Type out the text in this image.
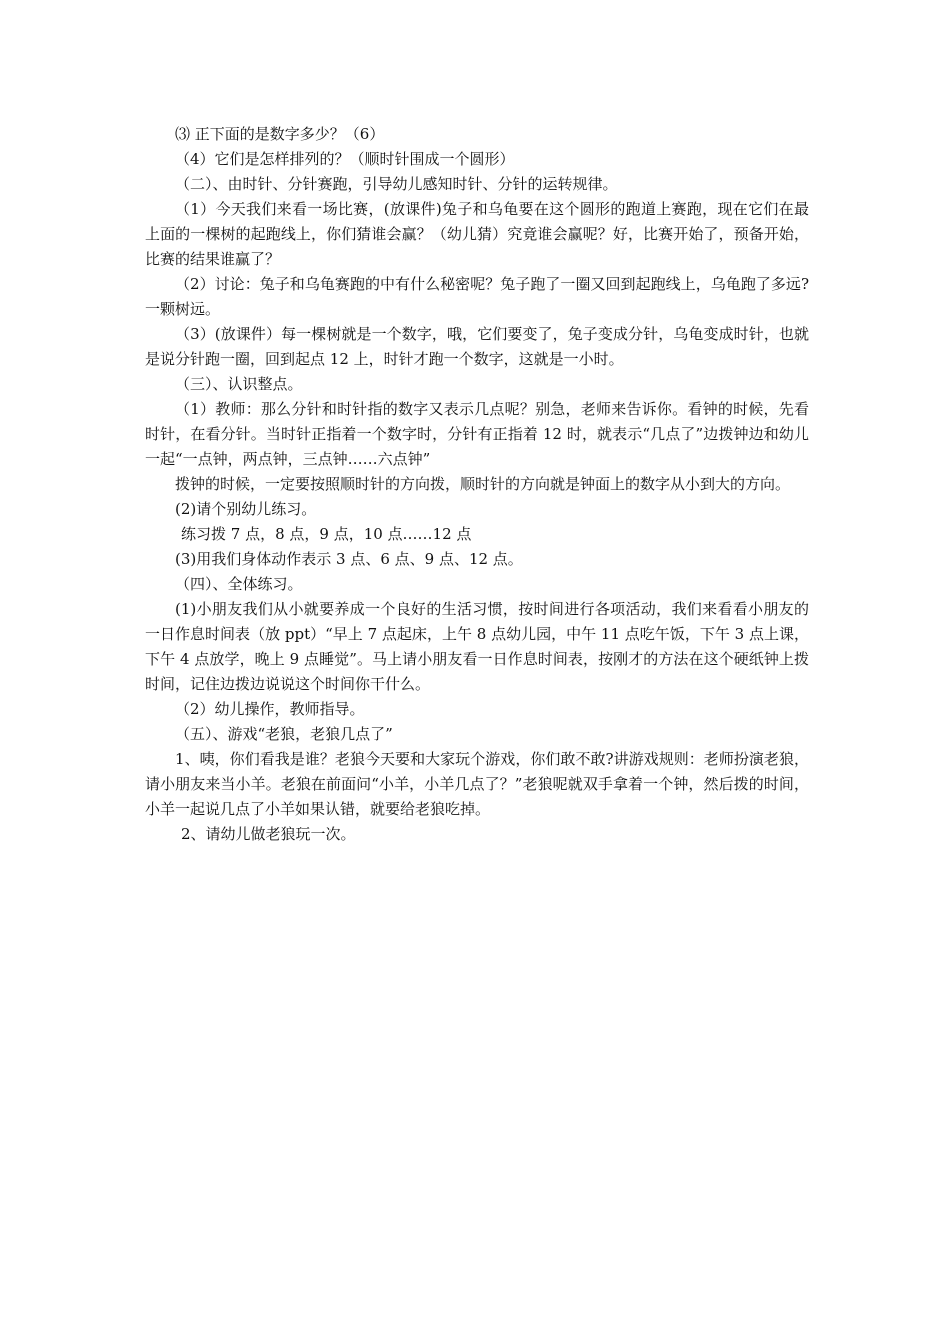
⑶ 正下面的是数字多少？（6）

（4）它们是怎样排列的？（顺时针围成一个圆形）

（二）、由时针、分针赛跑，引导幼儿感知时针、分针的运转规律。

（1）今天我们来看一场比赛，(放课件)兔子和乌龟要在这个圆形的跑道上赛跑，现在它们在最上面的一棵树的起跑线上，你们猜谁会赢？（幼儿猜）究竟谁会赢呢？好，比赛开始了，预备开始，比赛的结果谁赢了？

（2）讨论：兔子和乌龟赛跑的中有什么秘密呢？兔子跑了一圈又回到起跑线上，乌龟跑了多远?一颗树远。

（3）(放课件）每一棵树就是一个数字，哦，它们要变了，兔子变成分针，乌龟变成时针，也就是说分针跑一圈，回到起点 12 上，时针才跑一个数字，这就是一小时。

（三）、认识整点。

（1）教师：那么分针和时针指的数字又表示几点呢？别急，老师来告诉你。看钟的时候，先看时针，在看分针。当时针正指着一个数字时，分针有正指着 12 时，就表示“几点了”边拨钟边和幼儿一起“一点钟，两点钟，三点钟……六点钟”

拨钟的时候，一定要按照顺时针的方向拨，顺时针的方向就是钟面上的数字从小到大的方向。

(2)请个别幼儿练习。

练习拨 7 点，8 点，9 点，10 点……12 点

(3)用我们身体动作表示 3 点、6 点、9 点、12 点。

（四）、全体练习。

(1)小朋友我们从小就要养成一个良好的生活习惯，按时间进行各项活动，我们来看看小朋友的一日作息时间表（放 ppt）“早上 7 点起床，上午 8 点幼儿园，中午 11 点吃午饭，下午 3 点上课，下午 4 点放学，晚上 9 点睡觉”。马上请小朋友看一日作息时间表，按刚才的方法在这个硬纸钟上拨时间，记住边拨边说说这个时间你干什么。

（2）幼儿操作，教师指导。

（五）、游戏“老狼，老狼几点了”

1、咦，你们看我是谁？老狼今天要和大家玩个游戏，你们敢不敢?讲游戏规则：老师扮演老狼，请小朋友来当小羊。老狼在前面问“小羊，小羊几点了？”老狼呢就双手拿着一个钟，然后拨的时间，小羊一起说几点了小羊如果认错，就要给老狼吃掉。

2、请幼儿做老狼玩一次。
